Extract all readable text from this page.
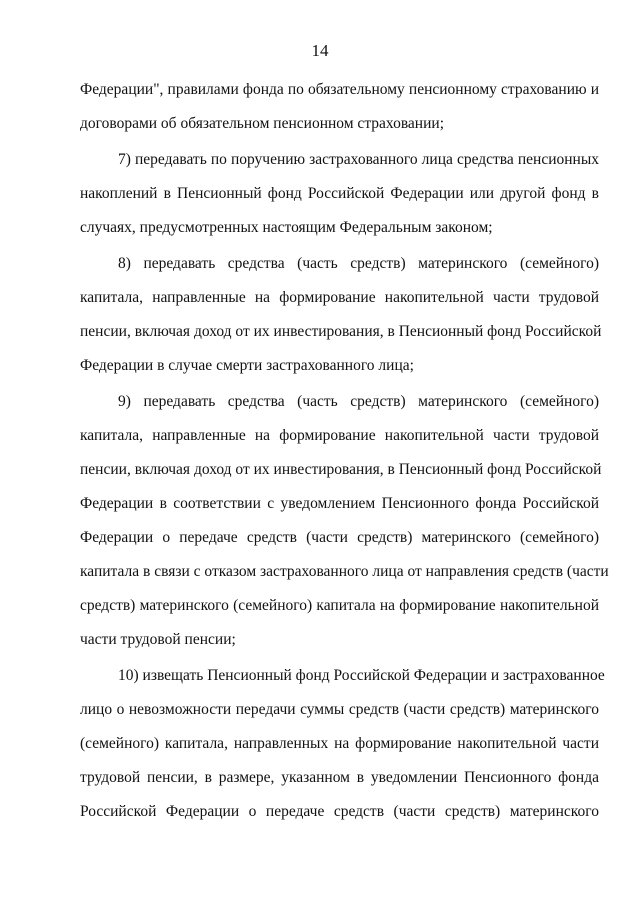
14
Федерации", правилами фонда по обязательному пенсионному страхованию и
договорами об обязательном пенсионном страховании;
7) передавать по поручению застрахованного лица средства пенсионных
накоплений в Пенсионный фонд Российской Федерации или другой фонд в
случаях, предусмотренных настоящим Федеральным законом;
8) передавать средства (часть средств) материнского (семейного)
капитала, направленные на формирование накопительной части трудовой
пенсии, включая доход от их инвестирования, в Пенсионный фонд Российской
Федерации в случае смерти застрахованного лица;
9) передавать средства (часть средств) материнского (семейного)
капитала, направленные на формирование накопительной части трудовой
пенсии, включая доход от их инвестирования, в Пенсионный фонд Российской
Федерации в соответствии с уведомлением Пенсионного фонда Российской
Федерации о передаче средств (части средств) материнского (семейного)
капитала в связи с отказом застрахованного лица от направления средств (части
средств) материнского (семейного) капитала на формирование накопительной
части трудовой пенсии;
10) извещать Пенсионный фонд Российской Федерации и застрахованное
лицо о невозможности передачи суммы средств (части средств) материнского
(семейного) капитала, направленных на формирование накопительной части
трудовой пенсии, в размере, указанном в уведомлении Пенсионного фонда
Российской Федерации о передаче средств (части средств) материнского
